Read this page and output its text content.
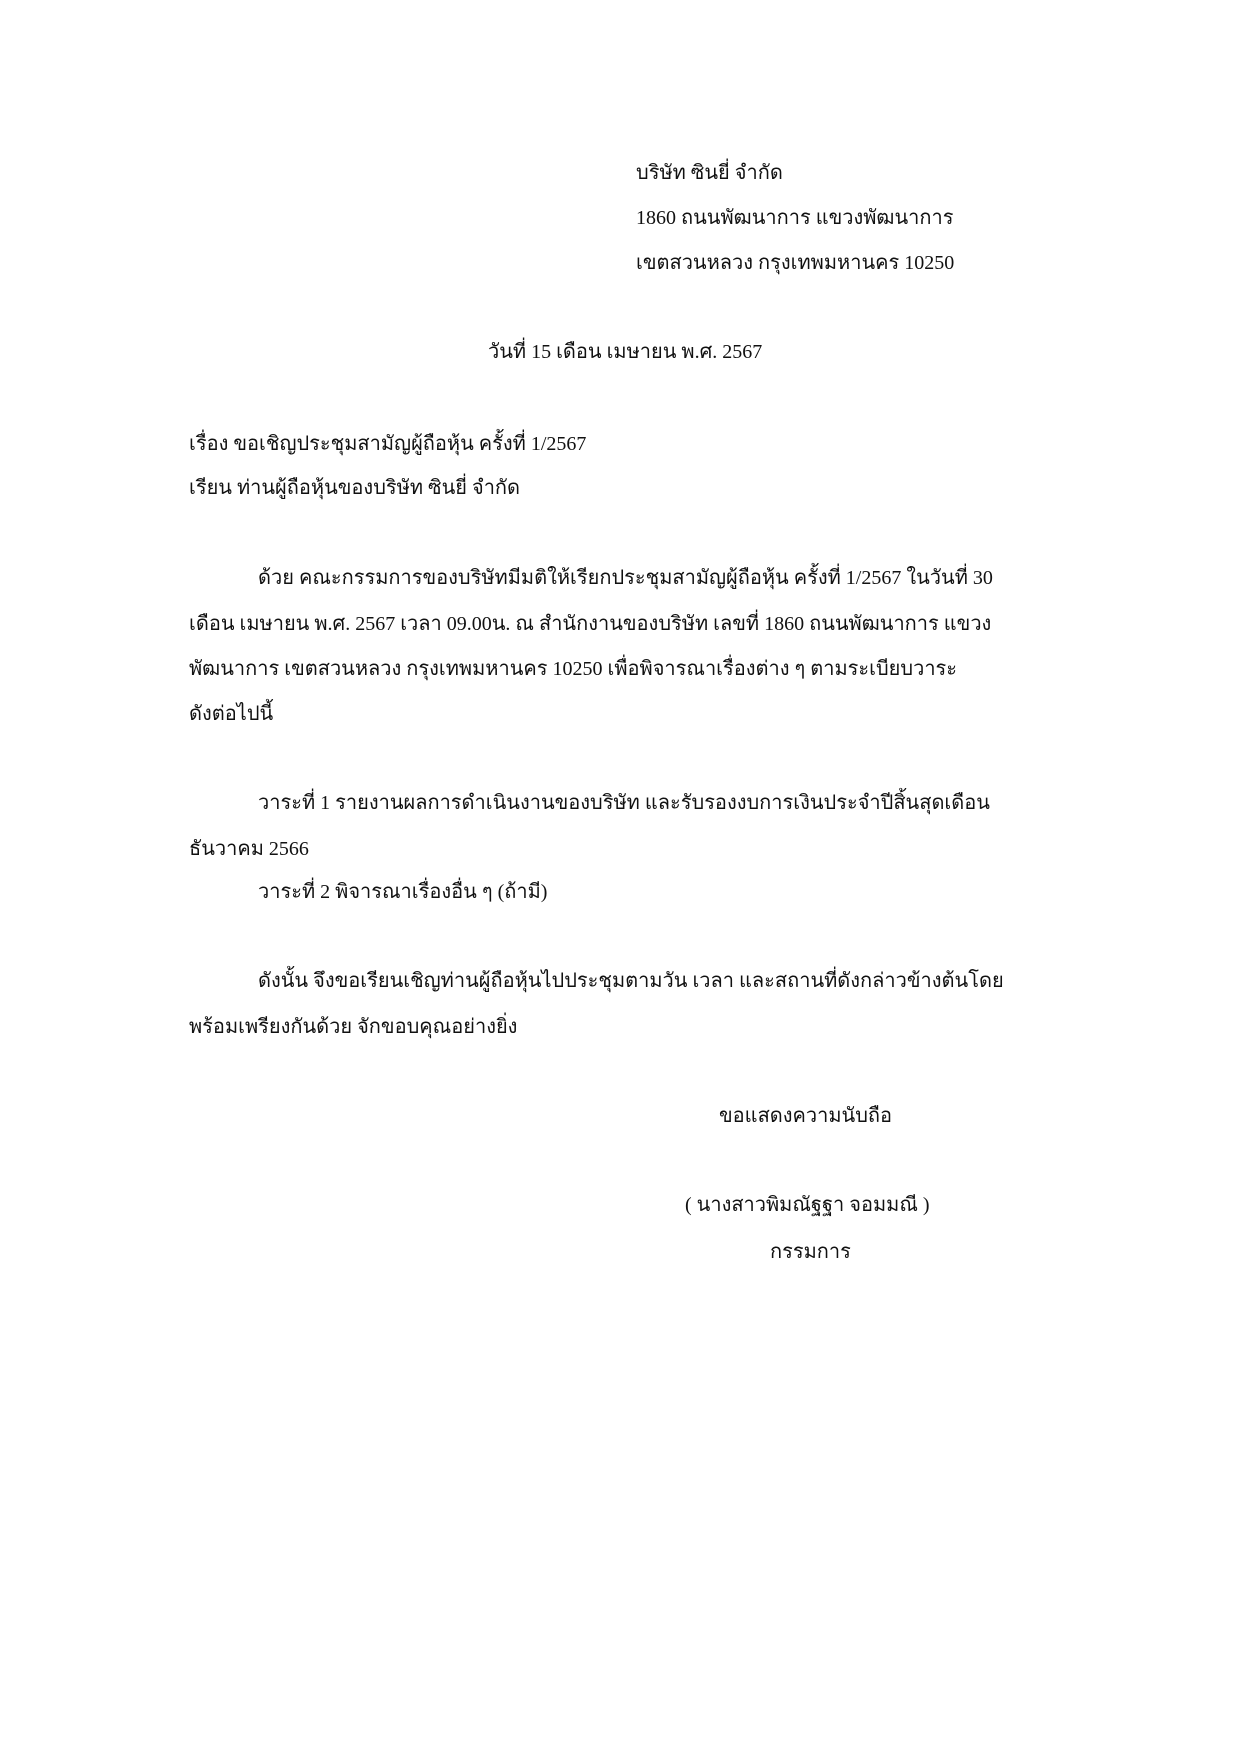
บริษัท ซินยี่ จำกัด
1860 ถนนพัฒนาการ แขวงพัฒนาการ
เขตสวนหลวง กรุงเทพมหานคร 10250
วันที่ 15 เดือน เมษายน พ.ศ. 2567
เรื่อง ขอเชิญประชุมสามัญผู้ถือหุ้น ครั้งที่ 1/2567
เรียน ท่านผู้ถือหุ้นของบริษัท ซินยี่ จำกัด
ด้วย คณะกรรมการของบริษัทมีมติให้เรียกประชุมสามัญผู้ถือหุ้น ครั้งที่ 1/2567 ในวันที่ 30
เดือน เมษายน พ.ศ. 2567 เวลา 09.00น. ณ สำนักงานของบริษัท เลขที่ 1860 ถนนพัฒนาการ แขวง
พัฒนาการ เขตสวนหลวง กรุงเทพมหานคร 10250 เพื่อพิจารณาเรื่องต่าง ๆ ตามระเบียบวาระ
ดังต่อไปนี้
วาระที่ 1 รายงานผลการดำเนินงานของบริษัท และรับรองงบการเงินประจำปีสิ้นสุดเดือน
ธันวาคม 2566
วาระที่ 2 พิจารณาเรื่องอื่น ๆ (ถ้ามี)
ดังนั้น จึงขอเรียนเชิญท่านผู้ถือหุ้นไปประชุมตามวัน เวลา และสถานที่ดังกล่าวข้างต้นโดย
พร้อมเพรียงกันด้วย จักขอบคุณอย่างยิ่ง
ขอแสดงความนับถือ
( นางสาวพิมณัฐฐา จอมมณี )
กรรมการ
